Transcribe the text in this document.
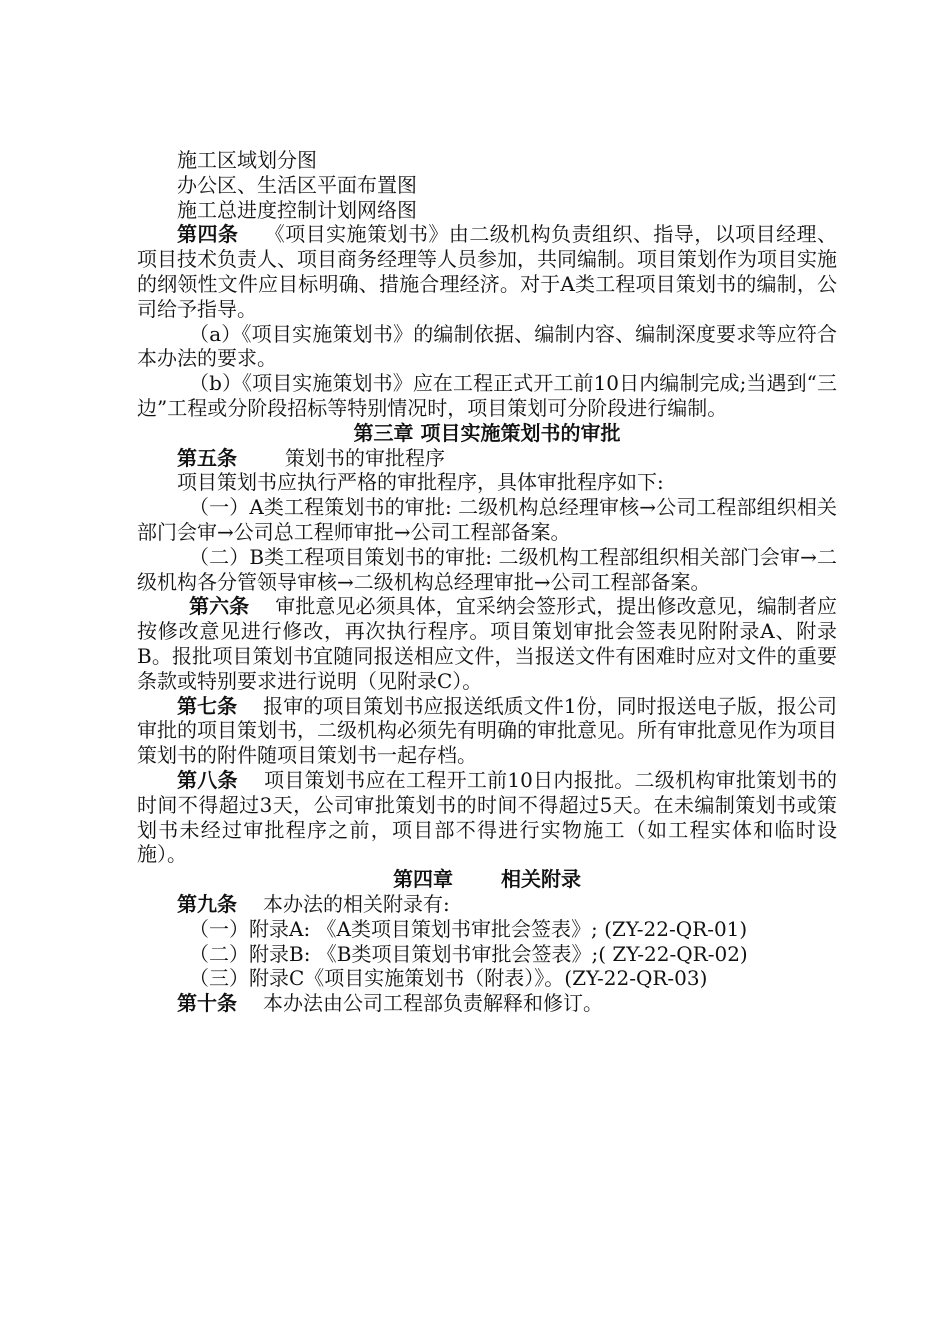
施工区域划分图

办公区、生活区平面布置图

施工总进度控制计划网络图

第四条 《项目实施策划书》由二级机构负责组织、指导，以项目经理、项目技术负责人、项目商务经理等人员参加，共同编制。项目策划作为项目实施的纲领性文件应目标明确、措施合理经济。对于A类工程项目策划书的编制，公司给予指导。

（a）《项目实施策划书》的编制依据、编制内容、编制深度要求等应符合本办法的要求。

（b）《项目实施策划书》应在工程正式开工前10日内编制完成;当遇到“三边”工程或分阶段招标等特别情况时，项目策划可分阶段进行编制。

第三章 项目实施策划书的审批

第五条 策划书的审批程序

项目策划书应执行严格的审批程序，具体审批程序如下:

（一）A类工程策划书的审批: 二级机构总经理审核→公司工程部组织相关部门会审→公司总工程师审批→公司工程部备案。

（二）B类工程项目策划书的审批: 二级机构工程部组织相关部门会审→二级机构各分管领导审核→二级机构总经理审批→公司工程部备案。

第六条 审批意见必须具体，宜采纳会签形式，提出修改意见，编制者应按修改意见进行修改，再次执行程序。项目策划审批会签表见附附录A、附录B。报批项目策划书宜随同报送相应文件，当报送文件有困难时应对文件的重要条款或特别要求进行说明（见附录C）。

第七条 报审的项目策划书应报送纸质文件1份，同时报送电子版，报公司审批的项目策划书，二级机构必须先有明确的审批意见。所有审批意见作为项目策划书的附件随项目策划书一起存档。

第八条 项目策划书应在工程开工前10日内报批。二级机构审批策划书的时间不得超过3天，公司审批策划书的时间不得超过5天。在未编制策划书或策划书未经过审批程序之前，项目部不得进行实物施工（如工程实体和临时设施）。

第四章 相关附录

第九条 本办法的相关附录有:

（一）附录A: 《A类项目策划书审批会签表》; (ZY-22-QR-01)

（二）附录B: 《B类项目策划书审批会签表》;( ZY-22-QR-02)

（三）附录C《项目实施策划书（附表）》。(ZY-22-QR-03)

第十条 本办法由公司工程部负责解释和修订。
